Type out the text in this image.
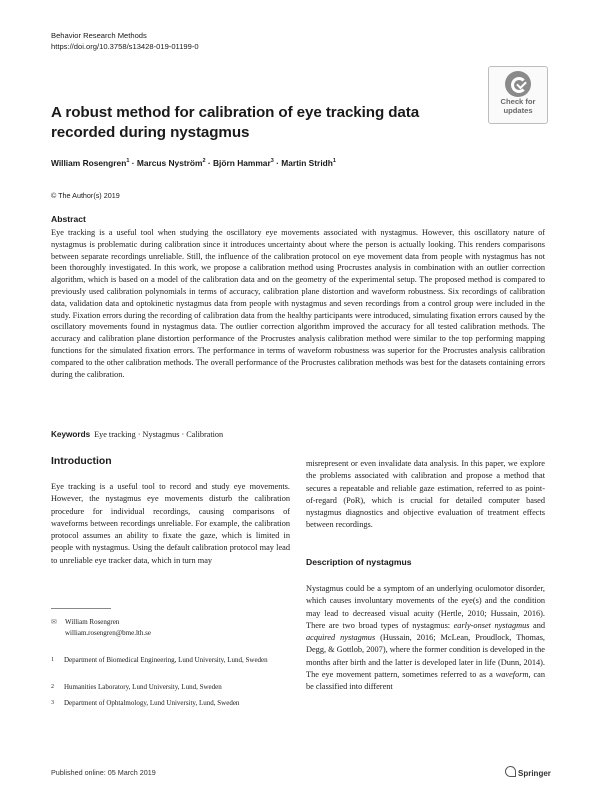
Behavior Research Methods
https://doi.org/10.3758/s13428-019-01199-0
Check for
updates
A robust method for calibration of eye tracking data recorded during nystagmus
William Rosengren$^1$ · Marcus Nyström$^2$ · Björn Hammar$^3$ · Martin Stridh$^1$
© The Author(s) 2019
Abstract
Eye tracking is a useful tool when studying the oscillatory eye movements associated with nystagmus. However, this oscillatory nature of nystagmus is problematic during calibration since it introduces uncertainty about where the person is actually looking. This renders comparisons between separate recordings unreliable. Still, the influence of the calibration protocol on eye movement data from people with nystagmus has not been thoroughly investigated. In this work, we propose a calibration method using Procrustes analysis in combination with an outlier correction algorithm, which is based on a model of the calibration data and on the geometry of the experimental setup. The proposed method is compared to previously used calibration polynomials in terms of accuracy, calibration plane distortion and waveform robustness. Six recordings of calibration data, validation data and optokinetic nystagmus data from people with nystagmus and seven recordings from a control group were included in the study. Fixation errors during the recording of calibration data from the healthy participants were introduced, simulating fixation errors caused by the oscillatory movements found in nystagmus data. The outlier correction algorithm improved the accuracy for all tested calibration methods. The accuracy and calibration plane distortion performance of the Procrustes analysis calibration method were similar to the top performing mapping functions for the simulated fixation errors. The performance in terms of waveform robustness was superior for the Procrustes analysis calibration compared to the other calibration methods. The overall performance of the Procrustes calibration methods was best for the datasets containing errors during the calibration.
Keywords Eye tracking · Nystagmus · Calibration
Introduction
Eye tracking is a useful tool to record and study eye movements. However, the nystagmus eye movements disturb the calibration procedure for individual recordings, causing comparisons of waveforms between recordings unreliable. For example, the calibration protocol assumes an ability to fixate the gaze, which is limited in people with nystagmus. Using the default calibration protocol may lead to unreliable eye tracker data, which in turn may
misrepresent or even invalidate data analysis. In this paper, we explore the problems associated with calibration and propose a method that secures a repeatable and reliable gaze estimation, referred to as point-of-regard (PoR), which is crucial for detailed computer based nystagmus diagnostics and objective evaluation of treatment effects between recordings.
Description of nystagmus
Nystagmus could be a symptom of an underlying oculomotor disorder, which causes involuntary movements of the eye(s) and the condition may lead to decreased visual acuity (Hertle, 2010; Hussain, 2016). There are two broad types of nystagmus: early-onset nystagmus and acquired nystagmus (Hussain, 2016; McLean, Proudlock, Thomas, Degg, & Gottlob, 2007), where the former condition is developed in the months after birth and the latter is developed later in life (Dunn, 2014). The eye movement pattern, sometimes referred to as a waveform, can be classified into different
✉ William Rosengren
william.rosengren@bme.lth.se
1 Department of Biomedical Engineering, Lund University, Lund, Sweden
2 Humanities Laboratory, Lund University, Lund, Sweden
3 Department of Ophtalmology, Lund University, Lund, Sweden
Published online: 05 March 2019	Springer
